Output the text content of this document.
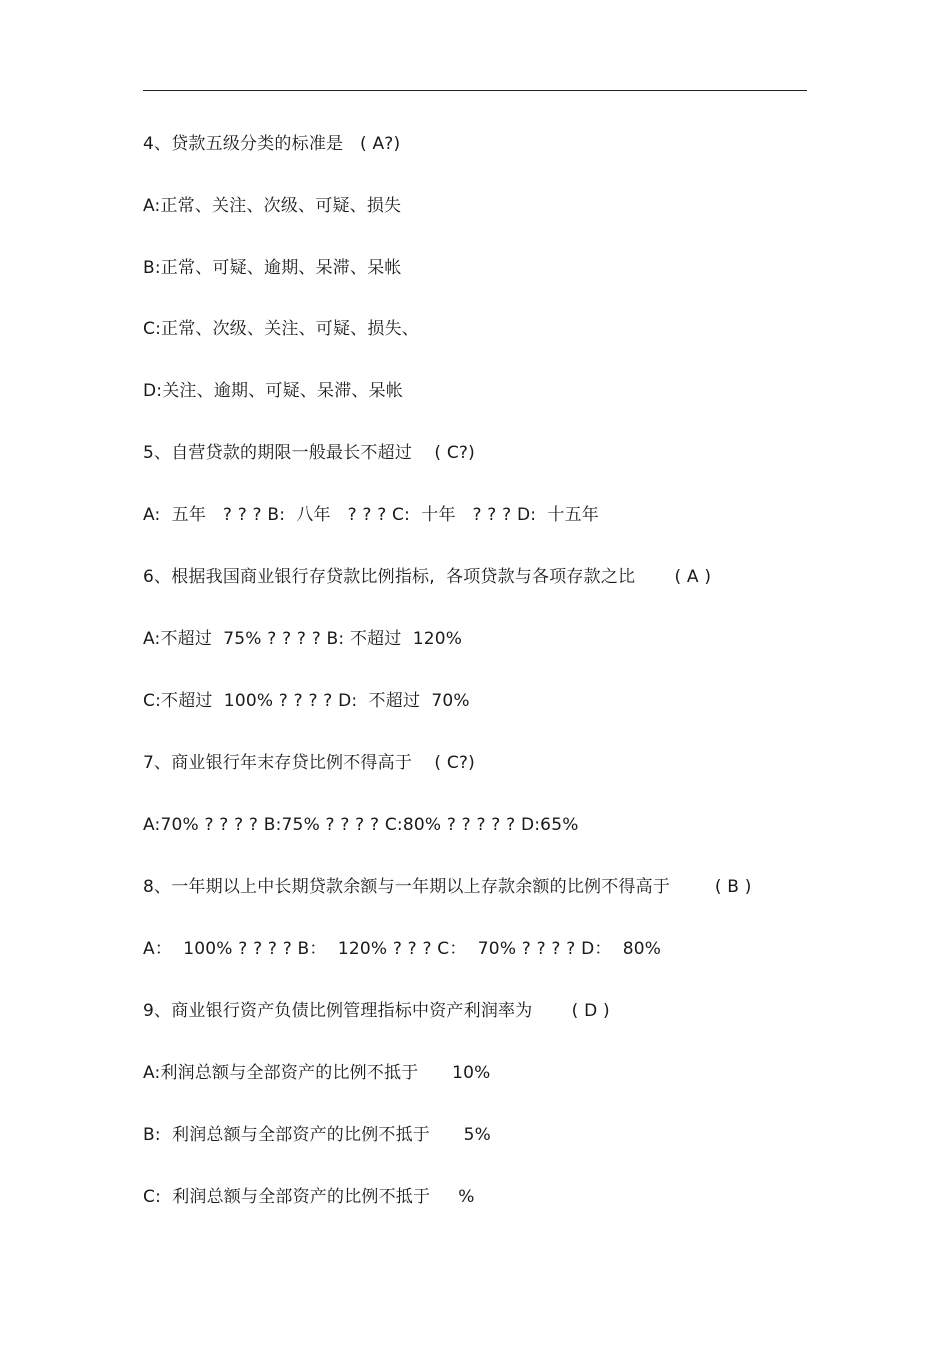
4、贷款五级分类的标准是   ( A?)
A:正常、关注、次级、可疑、损失
B:正常、可疑、逾期、呆滞、呆帐
C:正常、次级、关注、可疑、损失、
D:关注、逾期、可疑、呆滞、呆帐
5、自营贷款的期限一般最长不超过    ( C?)
A:  五年   ? ? ? B:  八年   ? ? ? C:  十年   ? ? ? D:  十五年
6、根据我国商业银行存贷款比例指标,  各项贷款与各项存款之比       ( A )
A:不超过  75% ? ? ? ? B: 不超过  120%
C:不超过  100% ? ? ? ? D:  不超过  70%
7、商业银行年末存贷比例不得高于    ( C?)
A:70% ? ? ? ? B:75% ? ? ? ? C:80% ? ? ? ? ? D:65%
8、一年期以上中长期贷款余额与一年期以上存款余额的比例不得高于        ( B )
A：  100% ? ? ? ? B：  120% ? ? ? C：  70% ? ? ? ? D：  80%
9、商业银行资产负债比例管理指标中资产利润率为       ( D )
A:利润总额与全部资产的比例不抵于      10%
B:  利润总额与全部资产的比例不抵于      5%
C:  利润总额与全部资产的比例不抵于     %
